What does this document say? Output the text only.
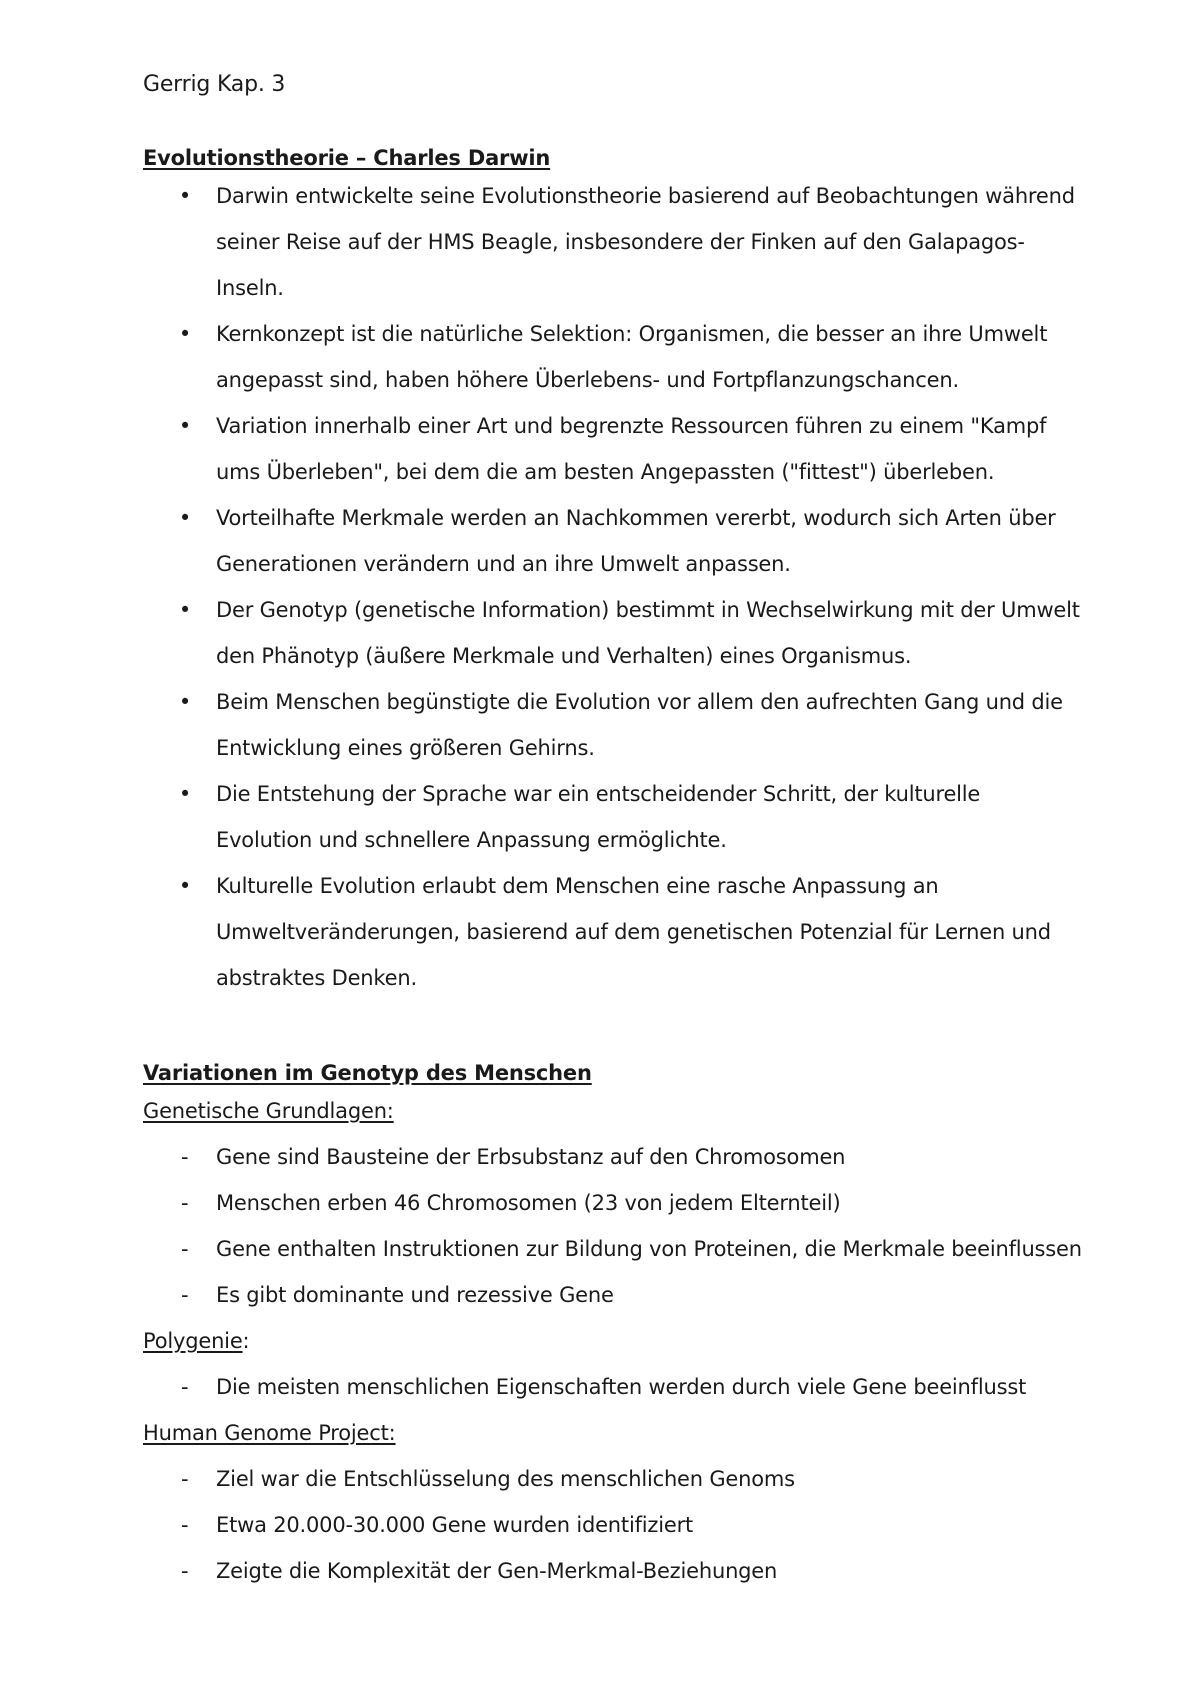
Gerrig Kap. 3

Evolutionstheorie – Charles Darwin
• Darwin entwickelte seine Evolutionstheorie basierend auf Beobachtungen während seiner Reise auf der HMS Beagle, insbesondere der Finken auf den Galapagos-Inseln.
• Kernkonzept ist die natürliche Selektion: Organismen, die besser an ihre Umwelt angepasst sind, haben höhere Überlebens- und Fortpflanzungschancen.
• Variation innerhalb einer Art und begrenzte Ressourcen führen zu einem "Kampf ums Überleben", bei dem die am besten Angepassten ("fittest") überleben.
• Vorteilhafte Merkmale werden an Nachkommen vererbt, wodurch sich Arten über Generationen verändern und an ihre Umwelt anpassen.
• Der Genotyp (genetische Information) bestimmt in Wechselwirkung mit der Umwelt den Phänotyp (äußere Merkmale und Verhalten) eines Organismus.
• Beim Menschen begünstigte die Evolution vor allem den aufrechten Gang und die Entwicklung eines größeren Gehirns.
• Die Entstehung der Sprache war ein entscheidender Schritt, der kulturelle Evolution und schnellere Anpassung ermöglichte.
• Kulturelle Evolution erlaubt dem Menschen eine rasche Anpassung an Umweltveränderungen, basierend auf dem genetischen Potenzial für Lernen und abstraktes Denken.
Variationen im Genotyp des Menschen
Genetische Grundlagen:
- Gene sind Bausteine der Erbsubstanz auf den Chromosomen
- Menschen erben 46 Chromosomen (23 von jedem Elternteil)
- Gene enthalten Instruktionen zur Bildung von Proteinen, die Merkmale beeinflussen
- Es gibt dominante und rezessive Gene
Polygenie:
- Die meisten menschlichen Eigenschaften werden durch viele Gene beeinflusst
Human Genome Project:
- Ziel war die Entschlüsselung des menschlichen Genoms
- Etwa 20.000-30.000 Gene wurden identifiziert
- Zeigte die Komplexität der Gen-Merkmal-Beziehungen
